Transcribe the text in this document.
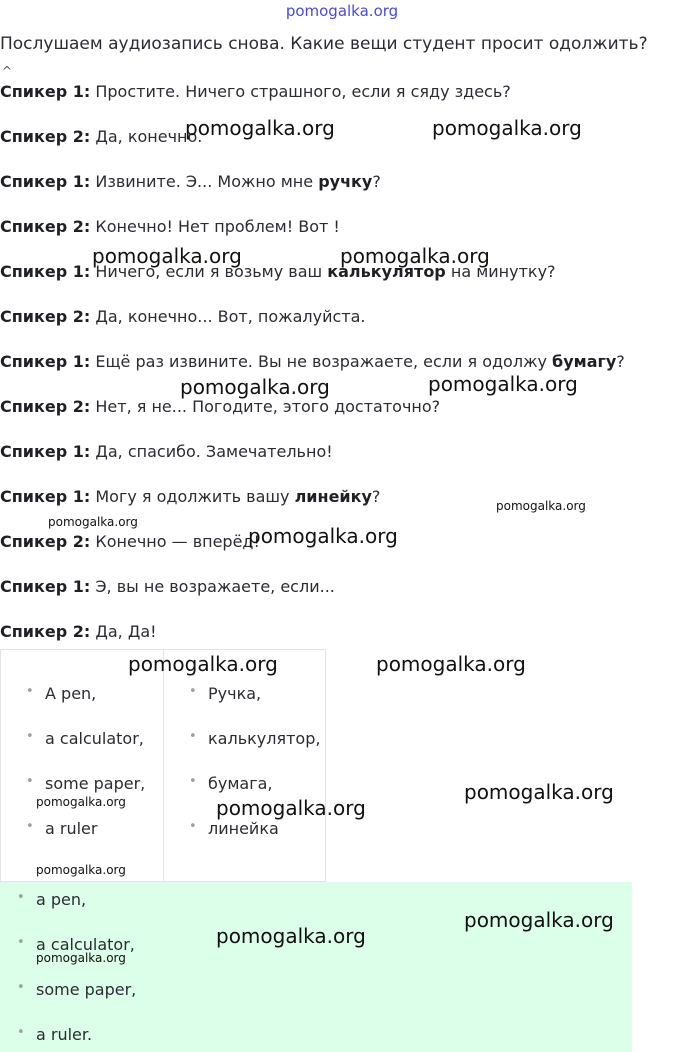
pomogalka.org
Послушаем аудиозапись снова. Какие вещи студент просит одолжить?
^
Спикер 1: Простите. Ничего страшного, если я сяду здесь?
Спикер 2: Да, конечно.
Спикер 1: Извините. Э... Можно мне ручку?
Спикер 2: Конечно! Нет проблем! Вот !
Спикер 1: Ничего, если я возьму ваш калькулятор на минутку?
Спикер 2: Да, конечно... Вот, пожалуйста.
Спикер 1: Ещё раз извините. Вы не возражаете, если я одолжу бумагу?
Спикер 2: Нет, я не... Погодите, этого достаточно?
Спикер 1: Да, спасибо. Замечательно!
Спикер 1: Могу я одолжить вашу линейку?
Спикер 2: Конечно — вперёд!
Спикер 1: Э, вы не возражаете, если...
Спикер 2: Да, Да!
• A pen,
• a calculator,
• some paper,
• a ruler
• Ручка,
• калькулятор,
• бумага,
• линейка
• a pen,
• a calculator,
• some paper,
• a ruler.
pomogalka.org	pomogalka.org
pomogalka.org	pomogalka.org
pomogalka.org	pomogalka.org
pomogalka.org
pomogalka.org
pomogalka.org
pomogalka.org	pomogalka.org
pomogalka.org
pomogalka.org	pomogalka.org
pomogalka.org
pomogalka.org
pomogalka.org
pomogalka.org
